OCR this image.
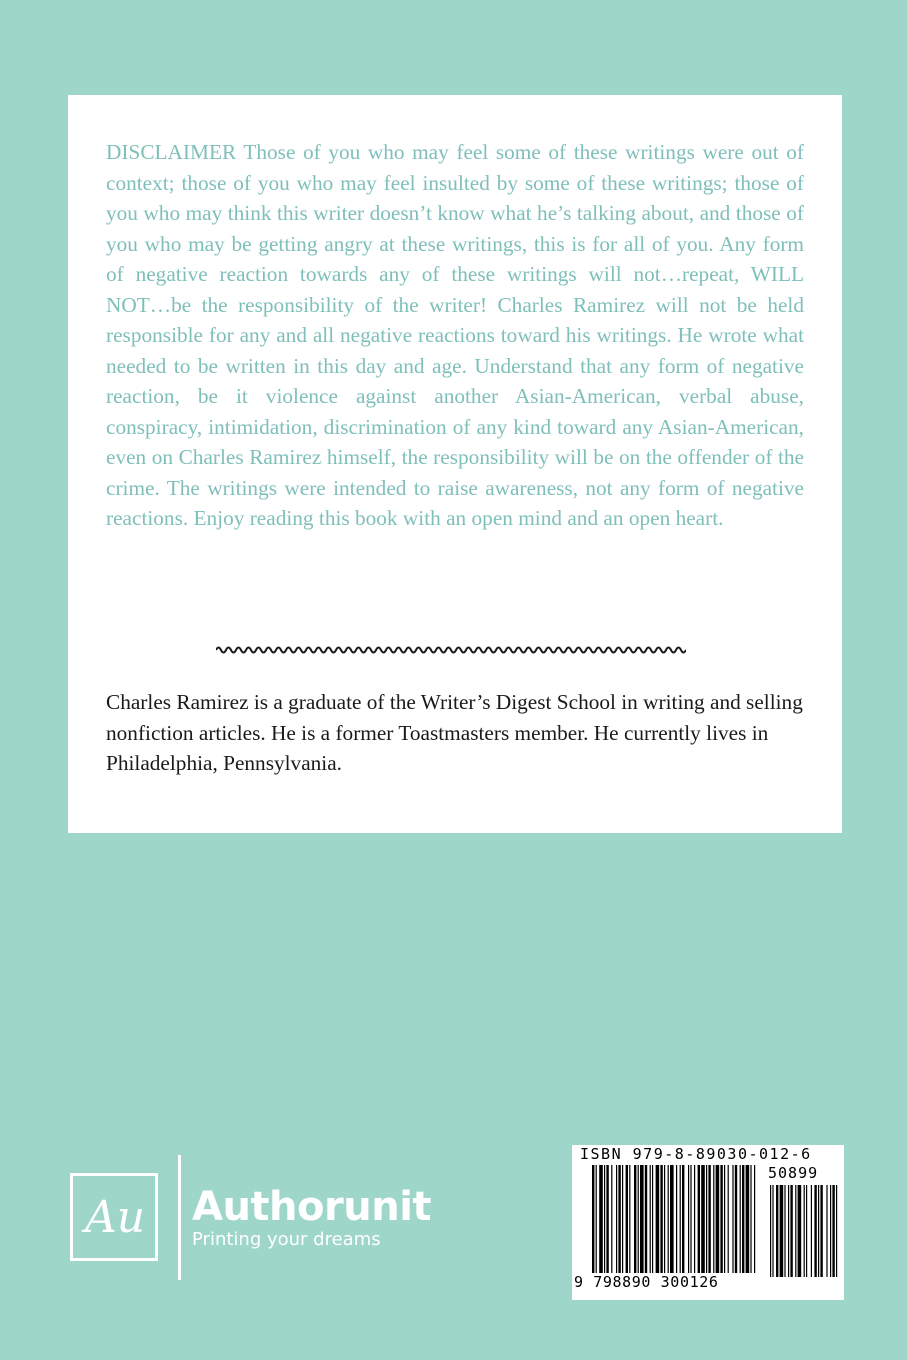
DISCLAIMER Those of you who may feel some of these writings were out of context; those of you who may feel insulted by some of these writings; those of you who may think this writer doesn’t know what he’s talking about, and those of you who may be getting angry at these writings, this is for all of you. Any form of negative reaction towards any of these writings will not…repeat, WILL NOT…be the responsibility of the writer! Charles Ramirez will not be held responsible for any and all negative reactions toward his writings. He wrote what needed to be written in this day and age. Understand that any form of negative reaction, be it violence against another Asian-American, verbal abuse, conspiracy, intimidation, discrimination of any kind toward any Asian-American, even on Charles Ramirez himself, the responsibility will be on the offender of the crime. The writings were intended to raise awareness, not any form of negative reactions. Enjoy reading this book with an open mind and an open heart.

Charles Ramirez is a graduate of the Writer’s Digest School in writing and selling nonfiction articles. He is a former Toastmasters member. He currently lives in Philadelphia, Pennsylvania.

Au Authorunit
Printing your dreams
ISBN 979-8-89030-012-6
50899
9 798890 300126
